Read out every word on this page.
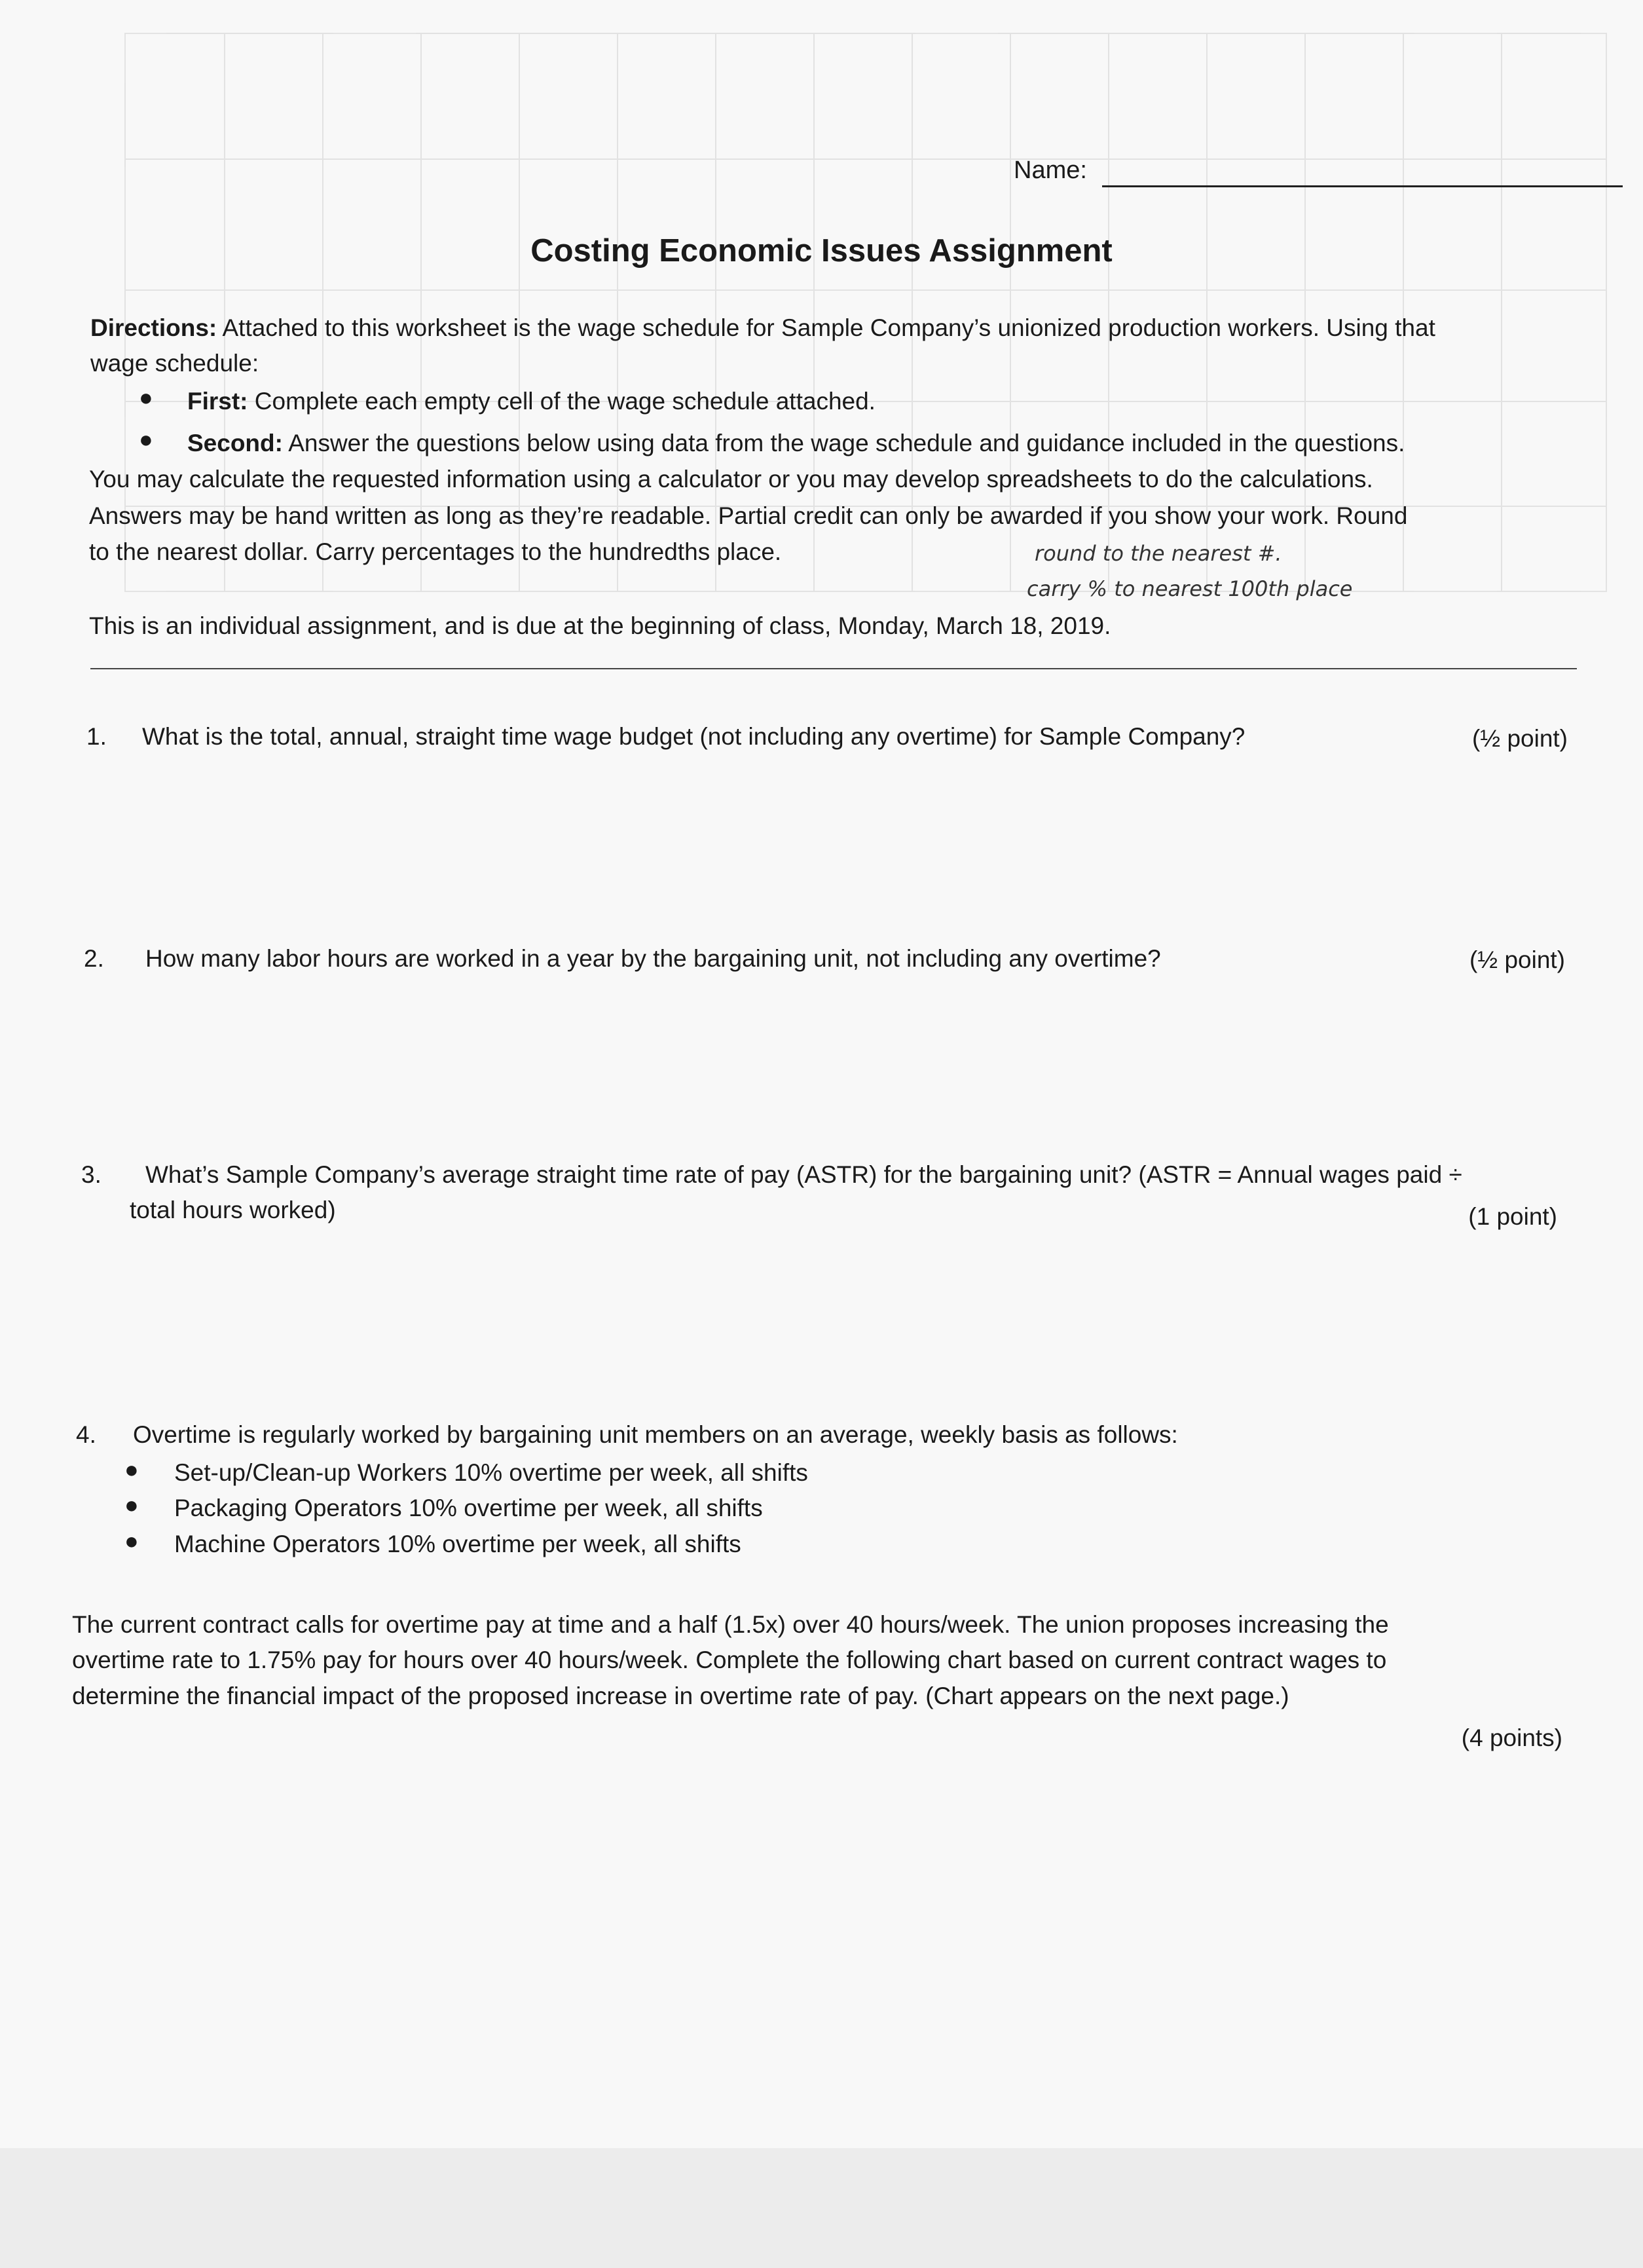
Name:
Costing Economic Issues Assignment
Directions: Attached to this worksheet is the wage schedule for Sample Company’s unionized production workers. Using that
wage schedule:
● First: Complete each empty cell of the wage schedule attached.
● Second: Answer the questions below using data from the wage schedule and guidance included in the questions.
You may calculate the requested information using a calculator or you may develop spreadsheets to do the calculations.
Answers may be hand written as long as they’re readable. Partial credit can only be awarded if you show your work. Round
to the nearest dollar. Carry percentages to the hundredths place.	round to the nearest #.
carry % to nearest 100th place
This is an individual assignment, and is due at the beginning of class, Monday, March 18, 2019.
1. What is the total, annual, straight time wage budget (not including any overtime) for Sample Company?	(½ point)
2. How many labor hours are worked in a year by the bargaining unit, not including any overtime?	(½ point)
3. What’s Sample Company’s average straight time rate of pay (ASTR) for the bargaining unit? (ASTR = Annual wages paid ÷
total hours worked)	(1 point)
4. Overtime is regularly worked by bargaining unit members on an average, weekly basis as follows:
● Set-up/Clean-up Workers 10% overtime per week, all shifts
● Packaging Operators 10% overtime per week, all shifts
● Machine Operators 10% overtime per week, all shifts
The current contract calls for overtime pay at time and a half (1.5x) over 40 hours/week. The union proposes increasing the
overtime rate to 1.75% pay for hours over 40 hours/week. Complete the following chart based on current contract wages to
determine the financial impact of the proposed increase in overtime rate of pay. (Chart appears on the next page.)
(4 points)
